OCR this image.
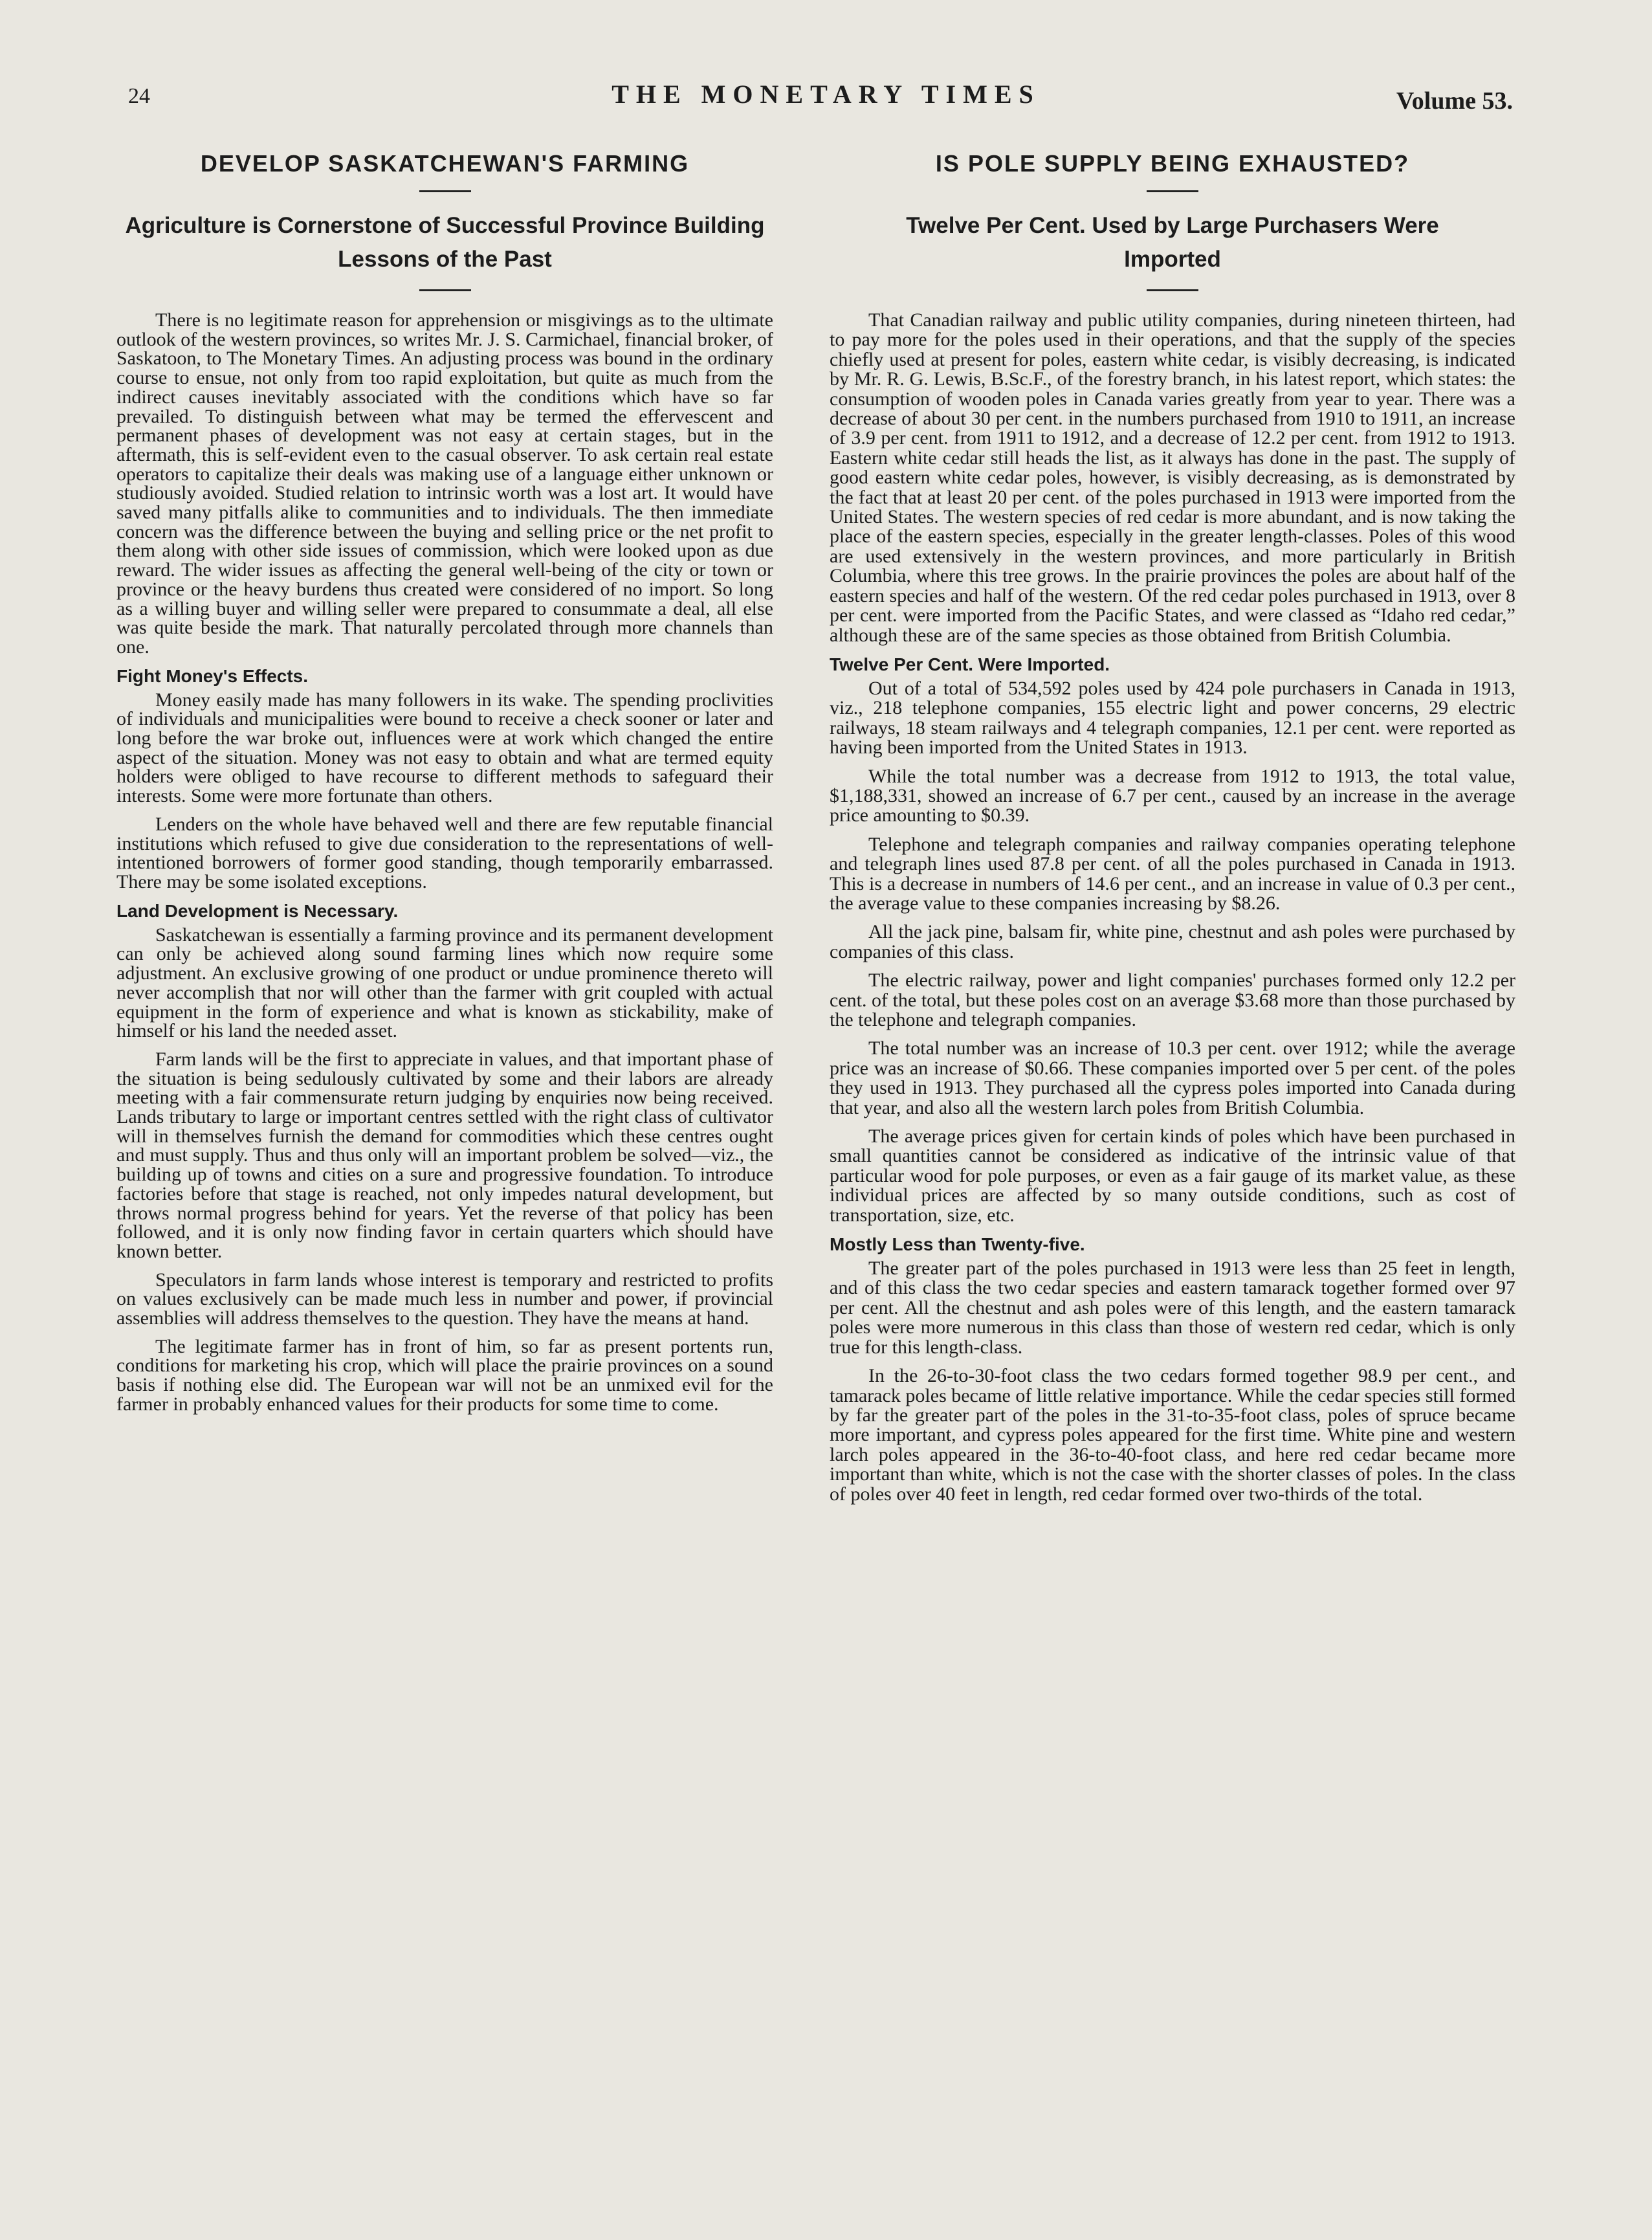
24	THE MONETARY TIMES	Volume 53.
DEVELOP SASKATCHEWAN'S FARMING
Agriculture is Cornerstone of Successful Province Building
Lessons of the Past

There is no legitimate reason for apprehension or misgivings as to the ultimate outlook of the western provinces, so writes Mr. J. S. Carmichael, financial broker, of Saskatoon, to The Monetary Times. An adjusting process was bound in the ordinary course to ensue, not only from too rapid exploitation, but quite as much from the indirect causes inevitably associated with the conditions which have so far prevailed. To distinguish between what may be termed the effervescent and permanent phases of development was not easy at certain stages, but in the aftermath, this is self-evident even to the casual observer. To ask certain real estate operators to capitalize their deals was making use of a language either unknown or studiously avoided. Studied relation to intrinsic worth was a lost art. It would have saved many pitfalls alike to communities and to individuals. The then immediate concern was the difference between the buying and selling price or the net profit to them along with other side issues of commission, which were looked upon as due reward. The wider issues as affecting the general well-being of the city or town or province or the heavy burdens thus created were considered of no import. So long as a willing buyer and willing seller were prepared to consummate a deal, all else was quite beside the mark. That naturally percolated through more channels than one.

Fight Money's Effects.

Money easily made has many followers in its wake. The spending proclivities of individuals and municipalities were bound to receive a check sooner or later and long before the war broke out, influences were at work which changed the entire aspect of the situation. Money was not easy to obtain and what are termed equity holders were obliged to have recourse to different methods to safeguard their interests. Some were more fortunate than others.

Lenders on the whole have behaved well and there are few reputable financial institutions which refused to give due consideration to the representations of well-intentioned borrowers of former good standing, though temporarily embarrassed. There may be some isolated exceptions.

Land Development is Necessary.

Saskatchewan is essentially a farming province and its permanent development can only be achieved along sound farming lines which now require some adjustment. An exclusive growing of one product or undue prominence thereto will never accomplish that nor will other than the farmer with grit coupled with actual equipment in the form of experience and what is known as stickability, make of himself or his land the needed asset.

Farm lands will be the first to appreciate in values, and that important phase of the situation is being sedulously cultivated by some and their labors are already meeting with a fair commensurate return judging by enquiries now being received. Lands tributary to large or important centres settled with the right class of cultivator will in themselves furnish the demand for commodities which these centres ought and must supply. Thus and thus only will an important problem be solved—viz., the building up of towns and cities on a sure and progressive foundation. To introduce factories before that stage is reached, not only impedes natural development, but throws normal progress behind for years. Yet the reverse of that policy has been followed, and it is only now finding favor in certain quarters which should have known better.

Speculators in farm lands whose interest is temporary and restricted to profits on values exclusively can be made much less in number and power, if provincial assemblies will address themselves to the question. They have the means at hand.

The legitimate farmer has in front of him, so far as present portents run, conditions for marketing his crop, which will place the prairie provinces on a sound basis if nothing else did. The European war will not be an unmixed evil for the farmer in probably enhanced values for their products for some time to come.

IS POLE SUPPLY BEING EXHAUSTED?
Twelve Per Cent. Used by Large Purchasers Were
Imported

That Canadian railway and public utility companies, during nineteen thirteen, had to pay more for the poles used in their operations, and that the supply of the species chiefly used at present for poles, eastern white cedar, is visibly decreasing, is indicated by Mr. R. G. Lewis, B.Sc.F., of the forestry branch, in his latest report, which states: the consumption of wooden poles in Canada varies greatly from year to year. There was a decrease of about 30 per cent. in the numbers purchased from 1910 to 1911, an increase of 3.9 per cent. from 1911 to 1912, and a decrease of 12.2 per cent. from 1912 to 1913. Eastern white cedar still heads the list, as it always has done in the past. The supply of good eastern white cedar poles, however, is visibly decreasing, as is demonstrated by the fact that at least 20 per cent. of the poles purchased in 1913 were imported from the United States. The western species of red cedar is more abundant, and is now taking the place of the eastern species, especially in the greater length-classes. Poles of this wood are used extensively in the western provinces, and more particularly in British Columbia, where this tree grows. In the prairie provinces the poles are about half of the eastern species and half of the western. Of the red cedar poles purchased in 1913, over 8 per cent. were imported from the Pacific States, and were classed as “Idaho red cedar,” although these are of the same species as those obtained from British Columbia.

Twelve Per Cent. Were Imported.

Out of a total of 534,592 poles used by 424 pole purchasers in Canada in 1913, viz., 218 telephone companies, 155 electric light and power concerns, 29 electric railways, 18 steam railways and 4 telegraph companies, 12.1 per cent. were reported as having been imported from the United States in 1913.

While the total number was a decrease from 1912 to 1913, the total value, $1,188,331, showed an increase of 6.7 per cent., caused by an increase in the average price amounting to $0.39.

Telephone and telegraph companies and railway companies operating telephone and telegraph lines used 87.8 per cent. of all the poles purchased in Canada in 1913. This is a decrease in numbers of 14.6 per cent., and an increase in value of 0.3 per cent., the average value to these companies increasing by $8.26.

All the jack pine, balsam fir, white pine, chestnut and ash poles were purchased by companies of this class.

The electric railway, power and light companies' purchases formed only 12.2 per cent. of the total, but these poles cost on an average $3.68 more than those purchased by the telephone and telegraph companies.

The total number was an increase of 10.3 per cent. over 1912; while the average price was an increase of $0.66. These companies imported over 5 per cent. of the poles they used in 1913. They purchased all the cypress poles imported into Canada during that year, and also all the western larch poles from British Columbia.

The average prices given for certain kinds of poles which have been purchased in small quantities cannot be considered as indicative of the intrinsic value of that particular wood for pole purposes, or even as a fair gauge of its market value, as these individual prices are affected by so many outside conditions, such as cost of transportation, size, etc.

Mostly Less than Twenty-five.

The greater part of the poles purchased in 1913 were less than 25 feet in length, and of this class the two cedar species and eastern tamarack together formed over 97 per cent. All the chestnut and ash poles were of this length, and the eastern tamarack poles were more numerous in this class than those of western red cedar, which is only true for this length-class.

In the 26-to-30-foot class the two cedars formed together 98.9 per cent., and tamarack poles became of little relative importance. While the cedar species still formed by far the greater part of the poles in the 31-to-35-foot class, poles of spruce became more important, and cypress poles appeared for the first time. White pine and western larch poles appeared in the 36-to-40-foot class, and here red cedar became more important than white, which is not the case with the shorter classes of poles. In the class of poles over 40 feet in length, red cedar formed over two-thirds of the total.
